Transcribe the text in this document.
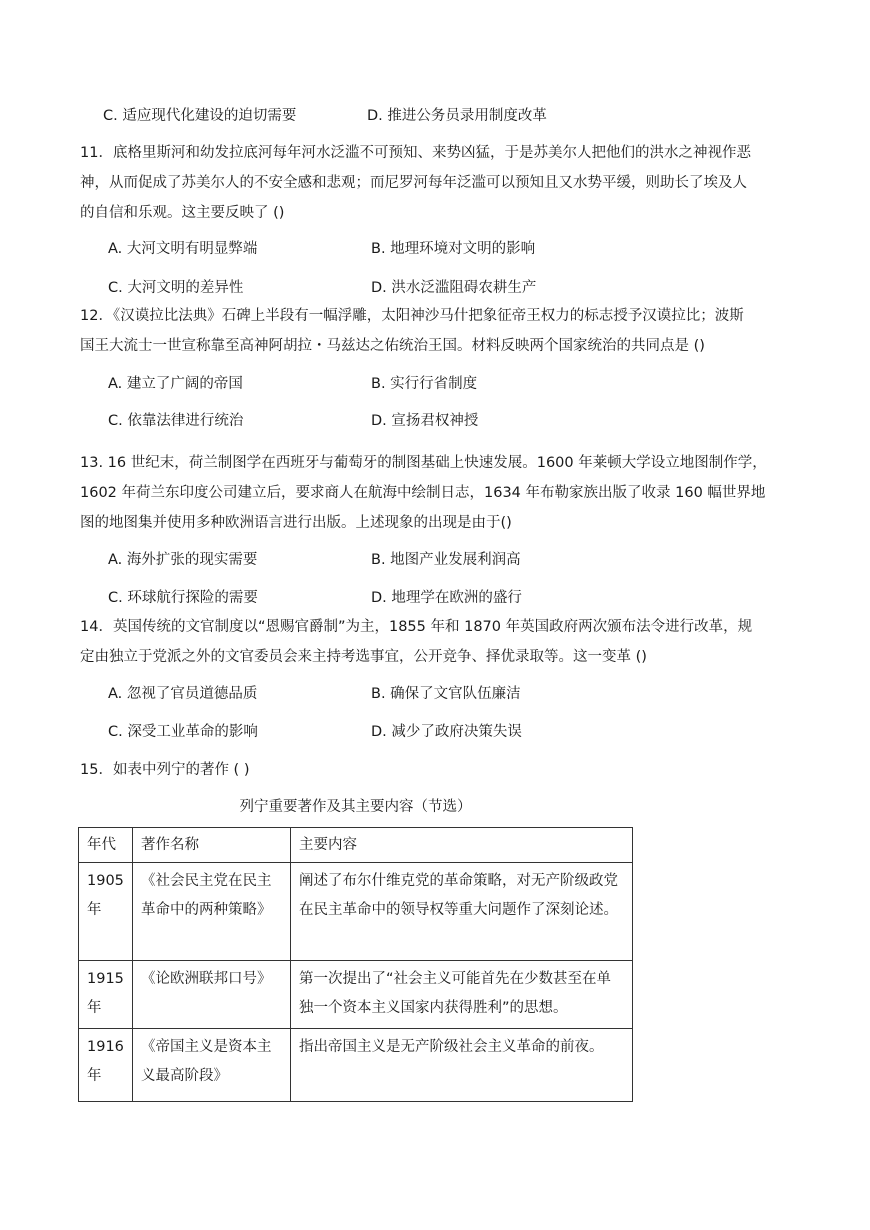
C. 适应现代化建设的迫切需要	D. 推进公务员录用制度改革
11．底格里斯河和幼发拉底河每年河水泛滥不可预知、来势凶猛，于是苏美尔人把他们的洪水之神视作恶
神，从而促成了苏美尔人的不安全感和悲观；而尼罗河每年泛滥可以预知且又水势平缓，则助长了埃及人
的自信和乐观。这主要反映了 ()
A. 大河文明有明显弊端	B. 地理环境对文明的影响
C. 大河文明的差异性	D. 洪水泛滥阻碍农耕生产
12．《汉谟拉比法典》石碑上半段有一幅浮雕，太阳神沙马什把象征帝王权力的标志授予汉谟拉比；波斯
国王大流士一世宣称靠至高神阿胡拉・马兹达之佑统治王国。材料反映两个国家统治的共同点是 ()
A. 建立了广阔的帝国	B. 实行行省制度
C. 依靠法律进行统治	D. 宣扬君权神授
13. 16 世纪末，荷兰制图学在西班牙与葡萄牙的制图基础上快速发展。1600 年莱顿大学设立地图制作学，
1602 年荷兰东印度公司建立后，要求商人在航海中绘制日志，1634 年布勒家族出版了收录 160 幅世界地
图的地图集并使用多种欧洲语言进行出版。上述现象的出现是由于()
A. 海外扩张的现实需要	B. 地图产业发展利润高
C. 环球航行探险的需要	D. 地理学在欧洲的盛行
14．英国传统的文官制度以“恩赐官爵制”为主，1855 年和 1870 年英国政府两次颁布法令进行改革，规
定由独立于党派之外的文官委员会来主持考选事宜，公开竞争、择优录取等。这一变革 ()
A. 忽视了官员道德品质	B. 确保了文官队伍廉洁
C. 深受工业革命的影响	D. 减少了政府决策失误
15．如表中列宁的著作 ( )
列宁重要著作及其主要内容（节选）
年代	著作名称	主要内容
1905 年	《社会民主党在民主革命中的两种策略》	阐述了布尔什维克党的革命策略，对无产阶级政党在民主革命中的领导权等重大问题作了深刻论述。
1915 年	《论欧洲联邦口号》	第一次提出了“社会主义可能首先在少数甚至在单独一个资本主义国家内获得胜利”的思想。
1916 年	《帝国主义是资本主义最高阶段》	指出帝国主义是无产阶级社会主义革命的前夜。
